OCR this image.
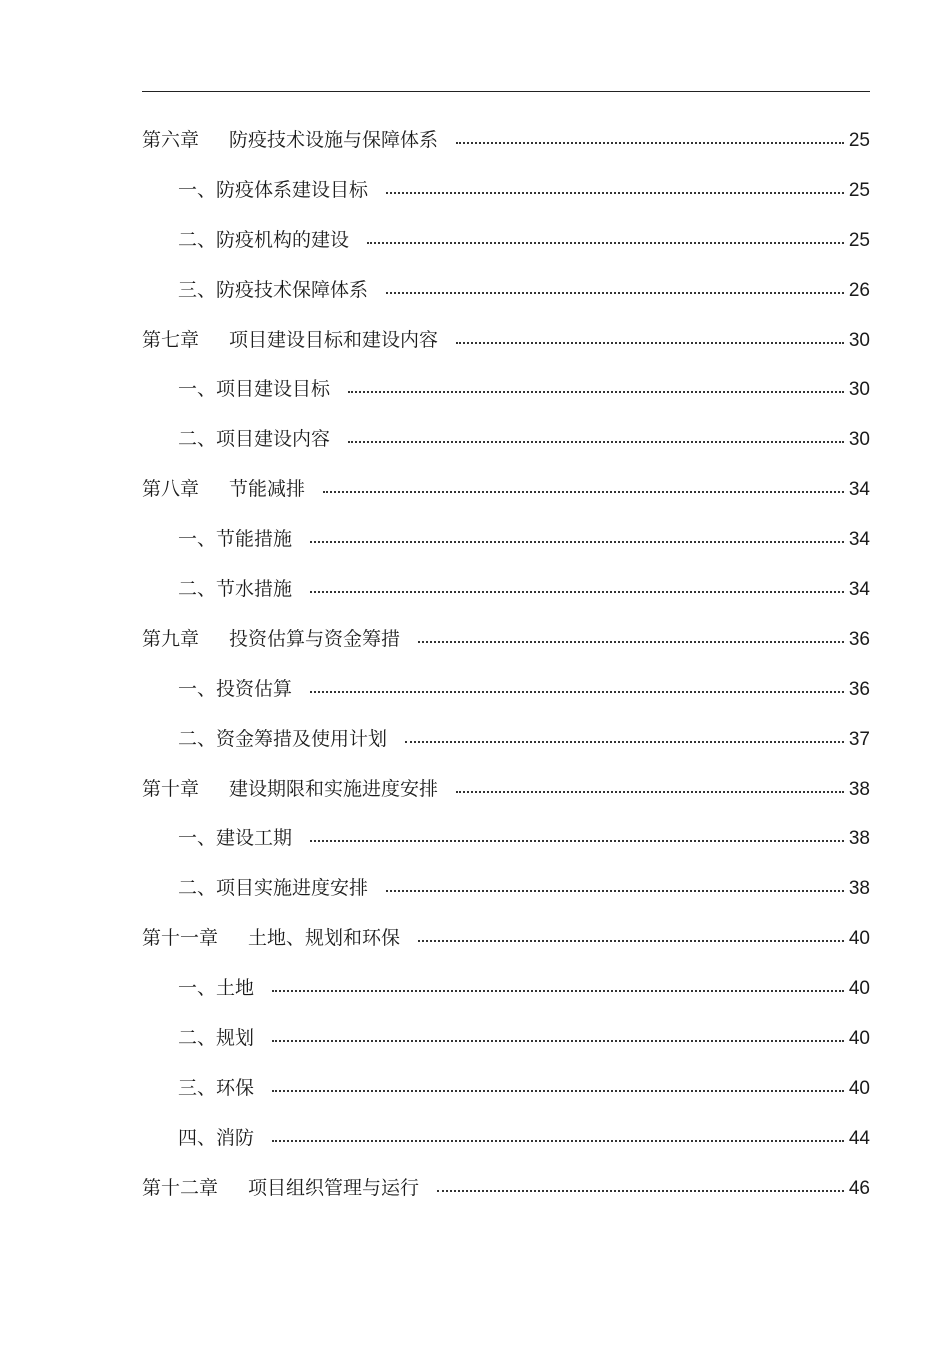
第六章 防疫技术设施与保障体系	25
一、防疫体系建设目标	25
二、防疫机构的建设	25
三、防疫技术保障体系	26
第七章 项目建设目标和建设内容	30
一、项目建设目标	30
二、项目建设内容	30
第八章 节能减排	34
一、节能措施	34
二、节水措施	34
第九章 投资估算与资金筹措	36
一、投资估算	36
二、资金筹措及使用计划	37
第十章 建设期限和实施进度安排	38
一、建设工期	38
二、项目实施进度安排	38
第十一章 土地、规划和环保	40
一、土地	40
二、规划	40
三、环保	40
四、消防	44
第十二章 项目组织管理与运行	46
